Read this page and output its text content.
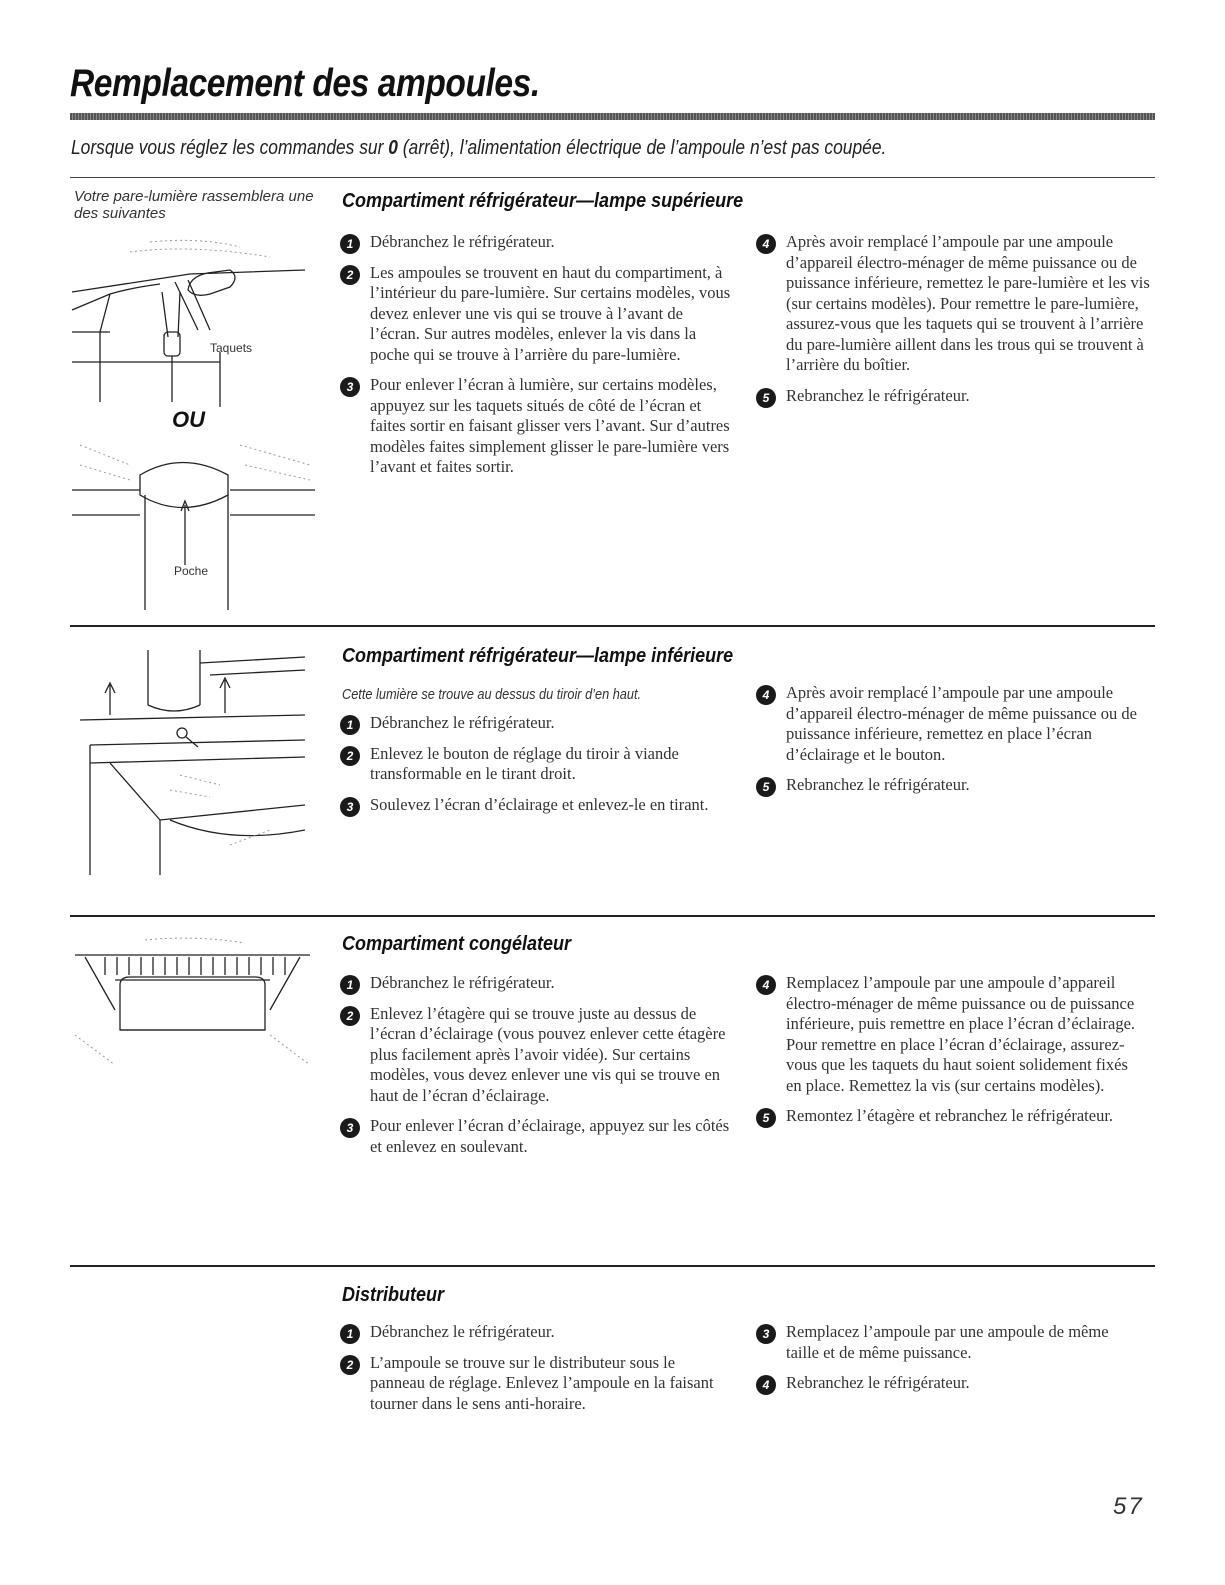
Remplacement des ampoules.

Lorsque vous réglez les commandes sur 0 (arrêt), l’alimentation électrique de l’ampoule n’est pas coupée.

Votre pare-lumière rassemblera une des suivantes

Taquets

OU

Poche
Compartiment réfrigérateur—lampe supérieure
1	Débranchez le réfrigérateur.
2	Les ampoules se trouvent en haut du compartiment, à l’intérieur du pare-lumière. Sur certains modèles, vous devez enlever une vis qui se trouve à l’avant de l’écran. Sur autres modèles, enlever la vis dans la poche qui se trouve à l’arrière du pare-lumière.
3	Pour enlever l’écran à lumière, sur certains modèles, appuyez sur les taquets situés de côté de l’écran et faites sortir en faisant glisser vers l’avant. Sur d’autres modèles faites simplement glisser le pare-lumière vers l’avant et faites sortir.
4	Après avoir remplacé l’ampoule par une ampoule d’appareil électro-ménager de même puissance ou de puissance inférieure, remettez le pare-lumière et les vis (sur certains modèles). Pour remettre le pare-lumière, assurez-vous que les taquets qui se trouvent à l’arrière du pare-lumière aillent dans les trous qui se trouvent à l’arrière du boîtier.
5	Rebranchez le réfrigérateur.
Compartiment réfrigérateur—lampe inférieure

Cette lumière se trouve au dessus du tiroir d’en haut.

1	Débranchez le réfrigérateur.
2	Enlevez le bouton de réglage du tiroir à viande transformable en le tirant droit.
3	Soulevez l’écran d’éclairage et enlevez-le en tirant.
4	Après avoir remplacé l’ampoule par une ampoule d’appareil électro-ménager de même puissance ou de puissance inférieure, remettez en place l’écran d’éclairage et le bouton.
5	Rebranchez le réfrigérateur.
Compartiment congélateur
1	Débranchez le réfrigérateur.
2	Enlevez l’étagère qui se trouve juste au dessus de l’écran d’éclairage (vous pouvez enlever cette étagère plus facilement après l’avoir vidée). Sur certains modèles, vous devez enlever une vis qui se trouve en haut de l’écran d’éclairage.
3	Pour enlever l’écran d’éclairage, appuyez sur les côtés et enlevez en soulevant.
4	Remplacez l’ampoule par une ampoule d’appareil électro-ménager de même puissance ou de puissance inférieure, puis remettre en place l’écran d’éclairage. Pour remettre en place l’écran d’éclairage, assurez-vous que les taquets du haut soient solidement fixés en place. Remettez la vis (sur certains modèles).
5	Remontez l’étagère et rebranchez le réfrigérateur.
Distributeur
1	Débranchez le réfrigérateur.
2	L’ampoule se trouve sur le distributeur sous le panneau de réglage. Enlevez l’ampoule en la faisant tourner dans le sens anti-horaire.
3	Remplacez l’ampoule par une ampoule de même taille et de même puissance.
4	Rebranchez le réfrigérateur.

57
